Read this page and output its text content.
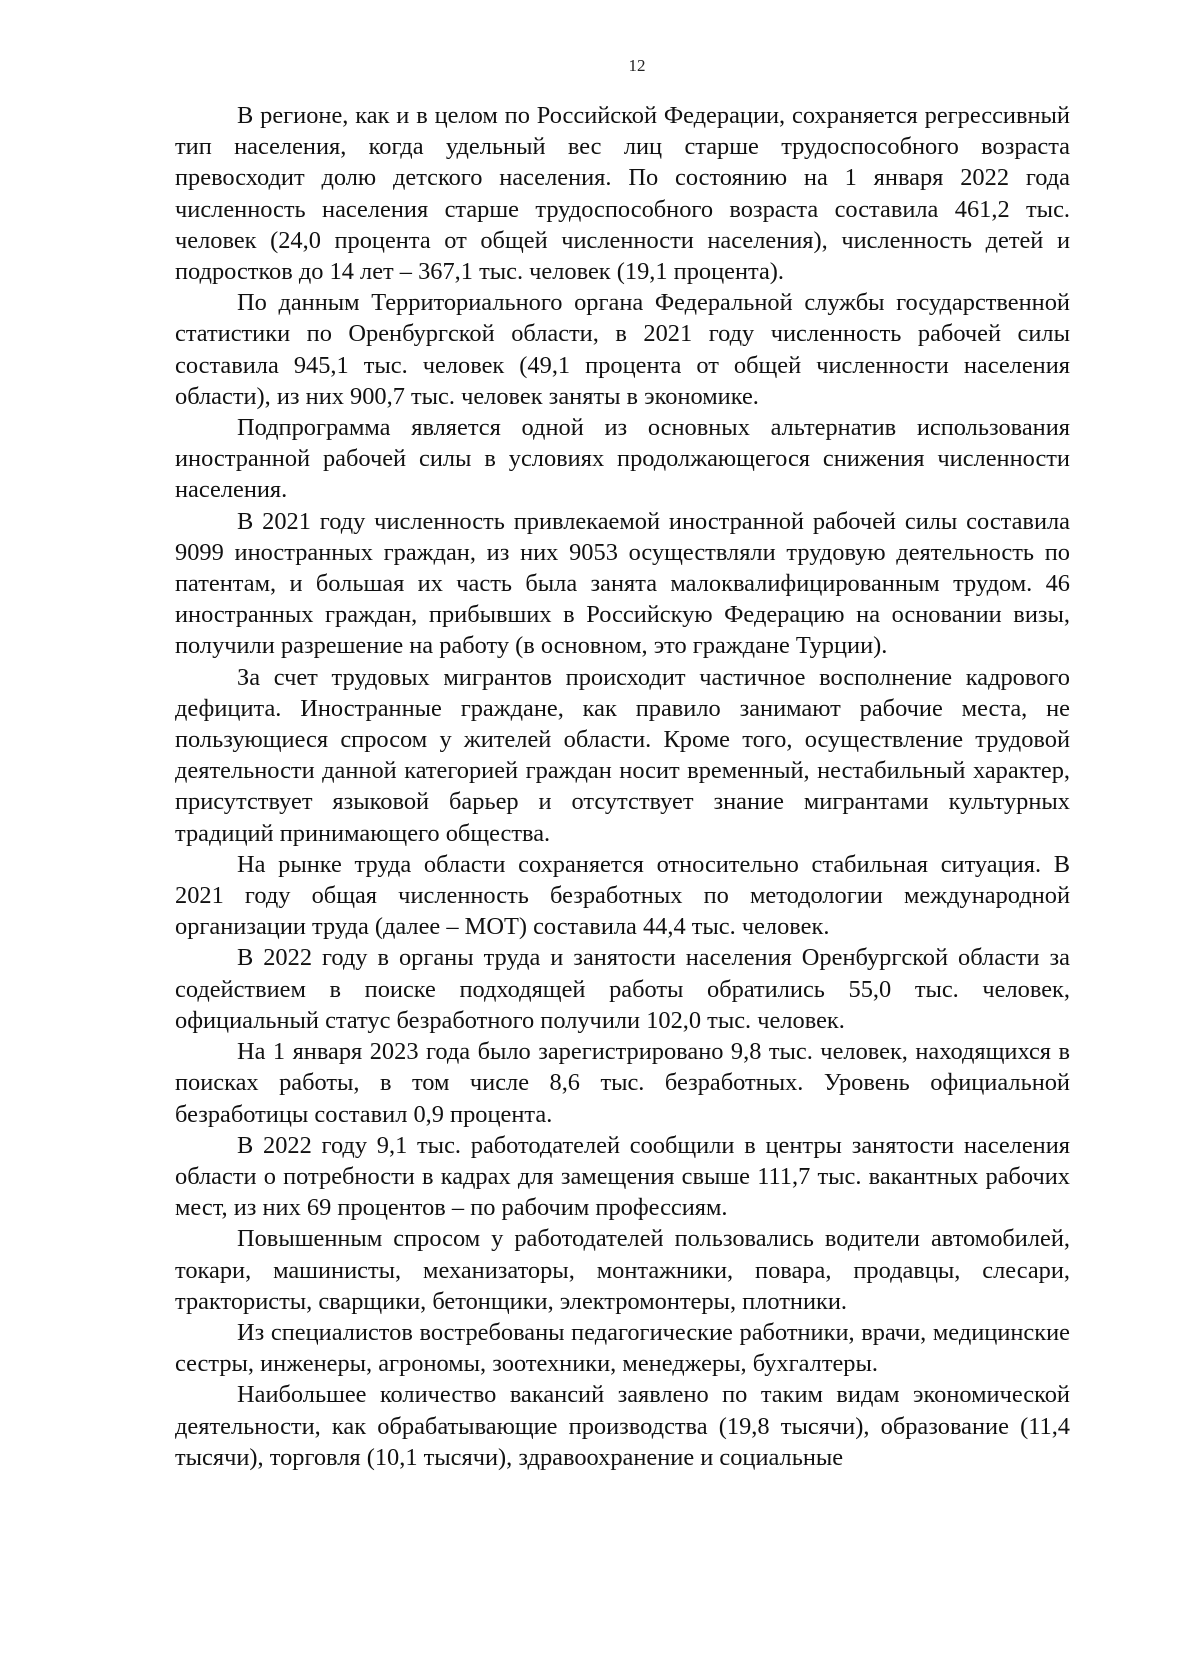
12

В регионе, как и в целом по Российской Федерации, сохраняется регрессивный тип населения, когда удельный вес лиц старше трудоспособного возраста превосходит долю детского населения. По состоянию на 1 января 2022 года численность населения старше трудоспособного возраста составила 461,2 тыс. человек (24,0 процента от общей численности населения), численность детей и подростков до 14 лет – 367,1 тыс. человек (19,1 процента).

По данным Территориального органа Федеральной службы государственной статистики по Оренбургской области, в 2021 году численность рабочей силы составила 945,1 тыс. человек (49,1 процента от общей численности населения области), из них 900,7 тыс. человек заняты в экономике.

Подпрограмма является одной из основных альтернатив использования иностранной рабочей силы в условиях продолжающегося снижения численности населения.

В 2021 году численность привлекаемой иностранной рабочей силы составила 9099 иностранных граждан, из них 9053 осуществляли трудовую деятельность по патентам, и большая их часть была занята малоквалифицированным трудом. 46 иностранных граждан, прибывших в Российскую Федерацию на основании визы, получили разрешение на работу (в основном, это граждане Турции).

За счет трудовых мигрантов происходит частичное восполнение кадрового дефицита. Иностранные граждане, как правило занимают рабочие места, не пользующиеся спросом у жителей области. Кроме того, осуществление трудовой деятельности данной категорией граждан носит временный, нестабильный характер, присутствует языковой барьер и отсутствует знание мигрантами культурных традиций принимающего общества.

На рынке труда области сохраняется относительно стабильная ситуация. В 2021 году общая численность безработных по методологии международной организации труда (далее – МОТ) составила 44,4 тыс. человек.

В 2022 году в органы труда и занятости населения Оренбургской области за содействием в поиске подходящей работы обратились 55,0 тыс. человек, официальный статус безработного получили 102,0 тыс. человек.

На 1 января 2023 года было зарегистрировано 9,8 тыс. человек, находящихся в поисках работы, в том числе 8,6 тыс. безработных. Уровень официальной безработицы составил 0,9 процента.

В 2022 году 9,1 тыс. работодателей сообщили в центры занятости населения области о потребности в кадрах для замещения свыше 111,7 тыс. вакантных рабочих мест, из них 69 процентов – по рабочим профессиям.

Повышенным спросом у работодателей пользовались водители автомобилей, токари, машинисты, механизаторы, монтажники, повара, продавцы, слесари, трактористы, сварщики, бетонщики, электромонтеры, плотники.

Из специалистов востребованы педагогические работники, врачи, медицинские сестры, инженеры, агрономы, зоотехники, менеджеры, бухгалтеры.

Наибольшее количество вакансий заявлено по таким видам экономической деятельности, как обрабатывающие производства (19,8 тысячи), образование (11,4 тысячи), торговля (10,1 тысячи), здравоохранение и социальные
